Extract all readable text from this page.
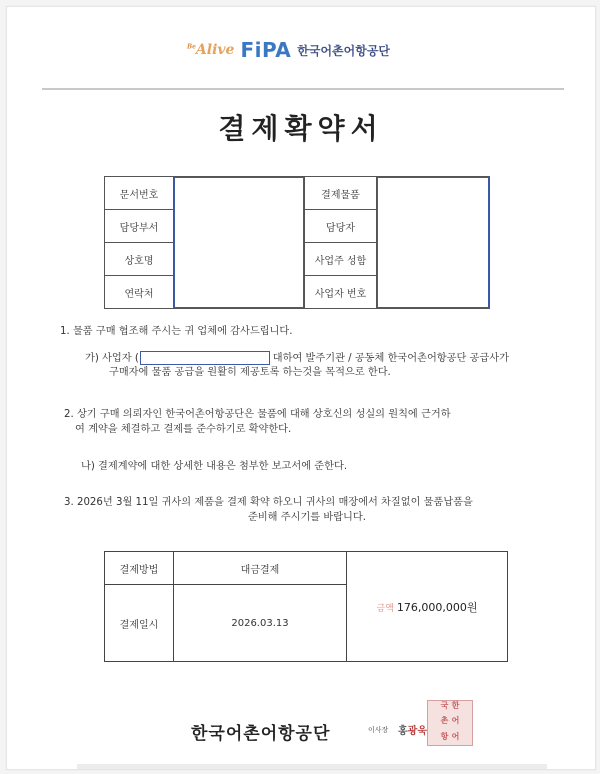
$^{Be}$Alive FiPA 한국어촌어항공단
결제확약서
문서번호		결제물품	

담당부서		담당자	
상호명		사업주 성함	
연락처		사업자 번호	
1. 물품 구매 협조해 주시는 귀 업체에 감사드립니다.
가) 사업자 (	대하여 발주기관 / 공동체 한국어촌어항공단 공급사가
구매자에 물품 공급을 원활히 제공토록 하는것을 목적으로 한다.
2. 상기 구매 의뢰자인 한국어촌어항공단은 물품에 대해 상호신의 성실의 원칙에 근거하
여 계약을 체결하고 결제를 준수하기로 확약한다.
나) 결제계약에 대한 상세한 내용은 첨부한 보고서에 준한다.
3. 2026년 3월 11일 귀사의 제품을 결제 확약 하오니 귀사의 매장에서 차질없이 물품납품을
준비해 주시기를 바랍니다.
결제방법	대금결제	금액 176,000,000원
결제일시	2026.03.13	
한국어촌어항공단	이사장 홍광욱
한국
어촌
어항
